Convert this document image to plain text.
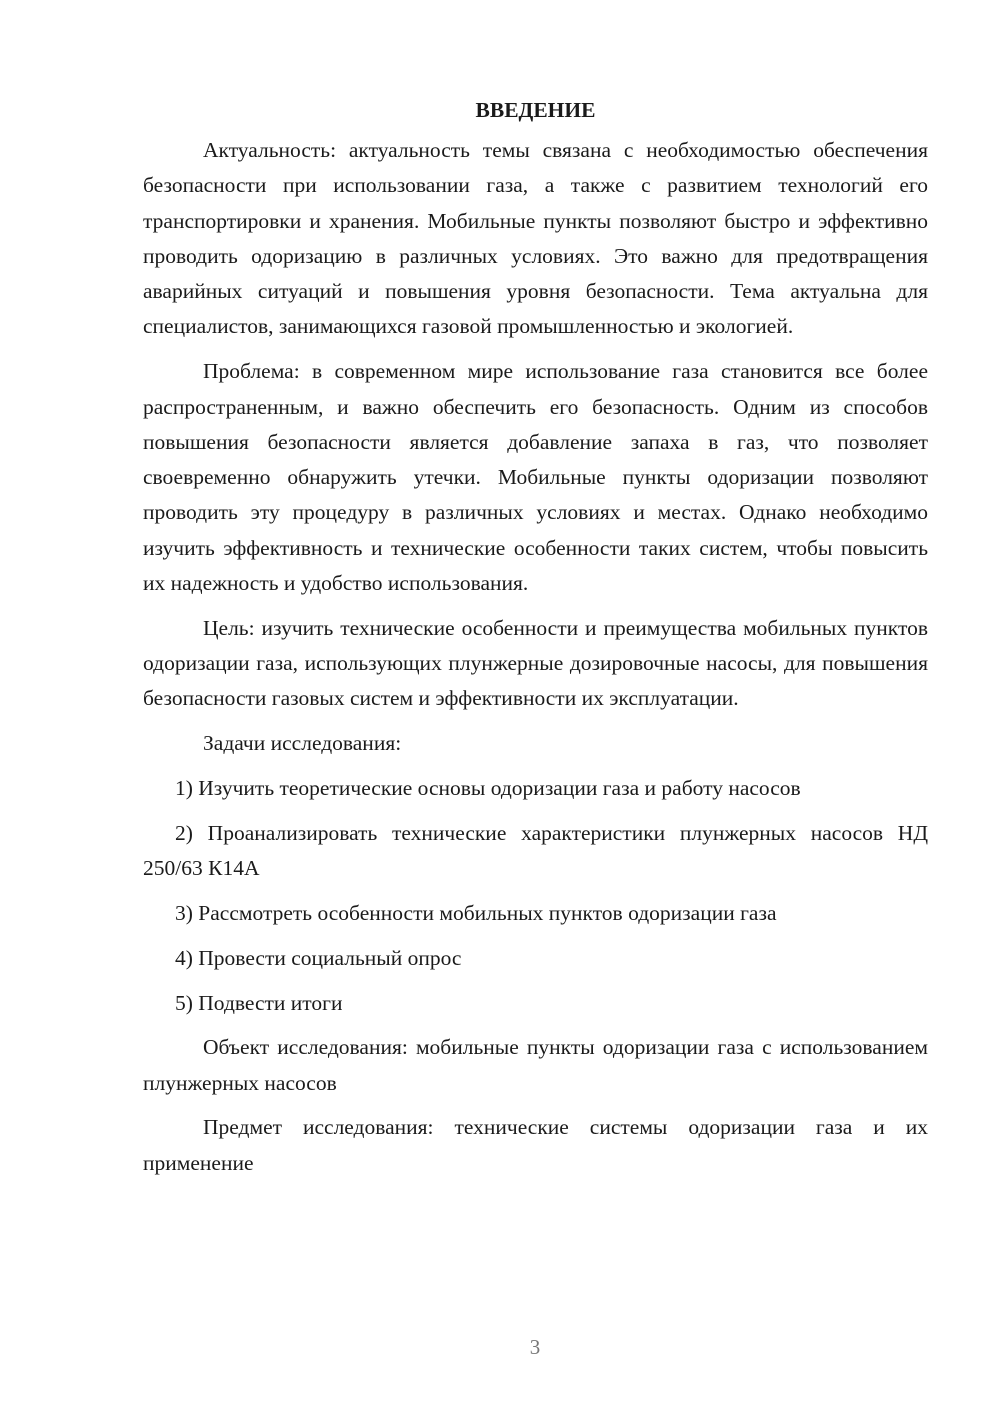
ВВЕДЕНИЕ

Актуальность: актуальность темы связана с необходимостью обеспечения безопасности при использовании газа, а также с развитием технологий его транспортировки и хранения. Мобильные пункты позволяют быстро и эффективно проводить одоризацию в различных условиях. Это важно для предотвращения аварийных ситуаций и повышения уровня безопасности. Тема актуальна для специалистов, занимающихся газовой промышленностью и экологией.

Проблема: в современном мире использование газа становится все более распространенным, и важно обеспечить его безопасность. Одним из способов повышения безопасности является добавление запаха в газ, что позволяет своевременно обнаружить утечки. Мобильные пункты одоризации позволяют проводить эту процедуру в различных условиях и местах. Однако необходимо изучить эффективность и технические особенности таких систем, чтобы повысить их надежность и удобство использования.

Цель: изучить технические особенности и преимущества мобильных пунктов одоризации газа, использующих плунжерные дозировочные насосы, для повышения безопасности газовых систем и эффективности их эксплуатации.

Задачи исследования:

1) Изучить теоретические основы одоризации газа и работу насосов

2) Проанализировать технические характеристики плунжерных насосов НД 250/63 К14А

3) Рассмотреть особенности мобильных пунктов одоризации газа

4) Провести социальный опрос

5) Подвести итоги

Объект исследования: мобильные пункты одоризации газа с использованием плунжерных насосов

Предмет исследования: технические системы одоризации газа и их применение

3
